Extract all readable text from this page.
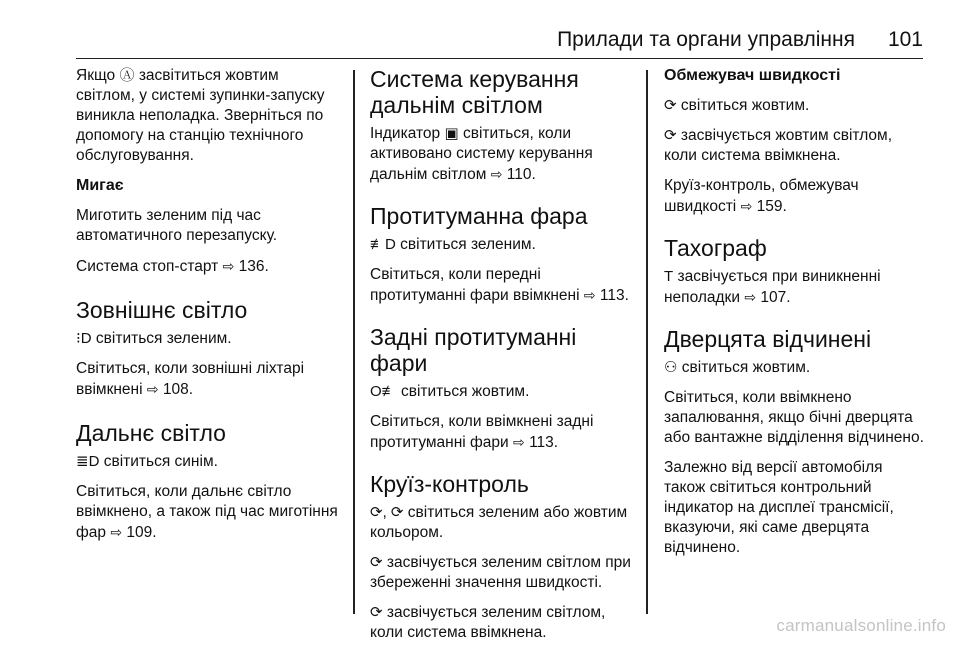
Прилади та органи управління 101

Якщо Ⓐ засвітиться жовтим світлом, у системі зупинки-запуску виникла неполадка. Зверніться по допомогу на станцію технічного обслуговування.

Мигає

Миготить зеленим під час автоматичного перезапуску.

Система стоп-старт ⇨ 136.

Зовнішнє світло

⁝D світиться зеленим.

Світиться, коли зовнішні ліхтарі ввімкнені ⇨ 108.

Дальнє світло

≣D світиться синім.

Світиться, коли дальнє світло ввімкнено, а також під час миготіння фар ⇨ 109.

Система керування дальнім світлом

Індикатор ▣ світиться, коли активовано систему керування дальнім світлом ⇨ 110.

Протитуманна фара

≢D світиться зеленим.

Світиться, коли передні протитуманні фари ввімкнені ⇨ 113.

Задні протитуманні фари

O≢ світиться жовтим.

Світиться, коли ввімкнені задні протитуманні фари ⇨ 113.

Круїз-контроль

⟳, ⟳ світиться зеленим або жовтим кольором.

⟳ засвічується зеленим світлом при збереженні значення швидкості.

⟳ засвічується зеленим світлом, коли система ввімкнена.

Обмежувач швидкості

⟳ світиться жовтим.

⟳ засвічується жовтим світлом, коли система ввімкнена.

Круїз-контроль, обмежувач швидкості ⇨ 159.

Тахограф

T засвічується при виникненні неполадки ⇨ 107.

Дверцята відчинені

⚇ світиться жовтим.

Світиться, коли ввімкнено запалювання, якщо бічні дверцята або вантажне відділення відчинено.

Залежно від версії автомобіля також світиться контрольний індикатор на дисплеї трансмісії, вказуючи, які саме дверцята відчинено.

carmanualsonline.info
